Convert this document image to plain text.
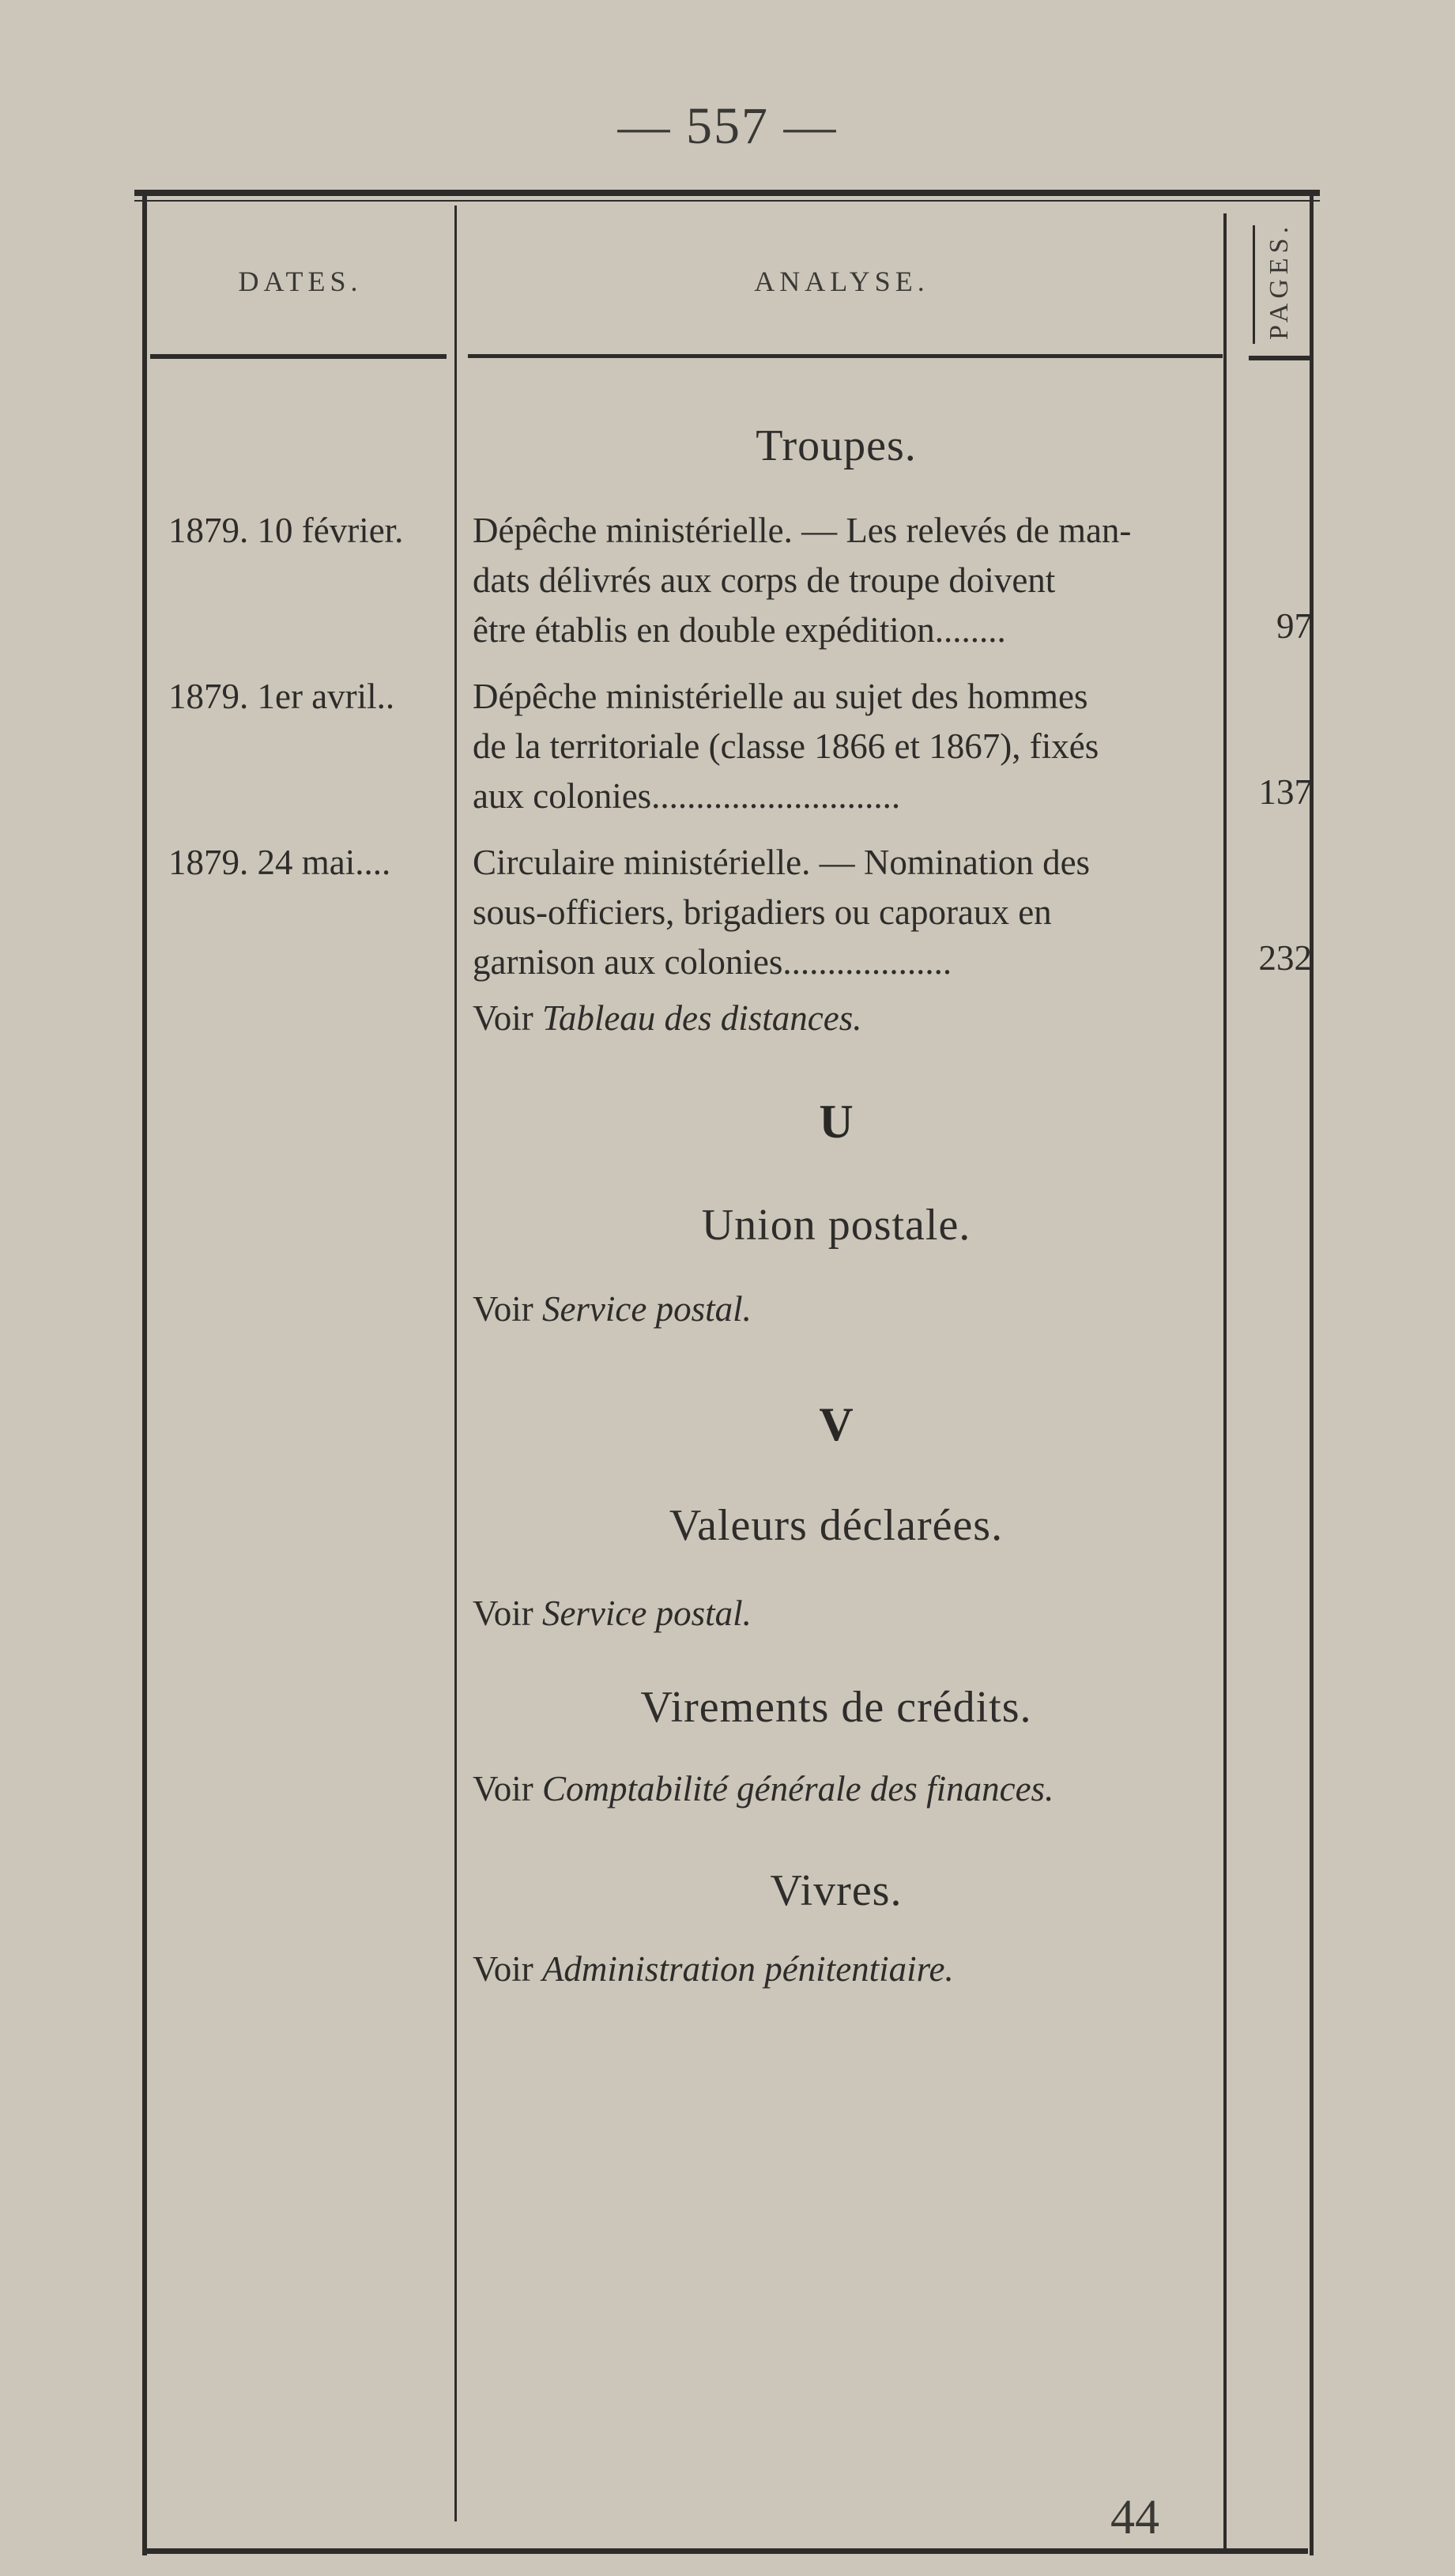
— 557 —
DATES.	ANALYSE.	PAGES.
Troupes.
1879. 10 février.	Dépêche ministérielle. — Les relevés de man-
dats délivrés aux corps de troupe doivent
être établis en double expédition........	97
1879. 1er avril..	Dépêche ministérielle au sujet des hommes
de la territoriale (classe 1866 et 1867), fixés
aux colonies............................	137
1879. 24 mai....	Circulaire ministérielle. — Nomination des
sous-officiers, brigadiers ou caporaux en
garnison aux colonies...................	232
Voir Tableau des distances.
U
Union postale.
Voir Service postal.
V
Valeurs déclarées.
Voir Service postal.
Virements de crédits.
Voir Comptabilité générale des finances.
Vivres.
Voir Administration pénitentiaire.
44
